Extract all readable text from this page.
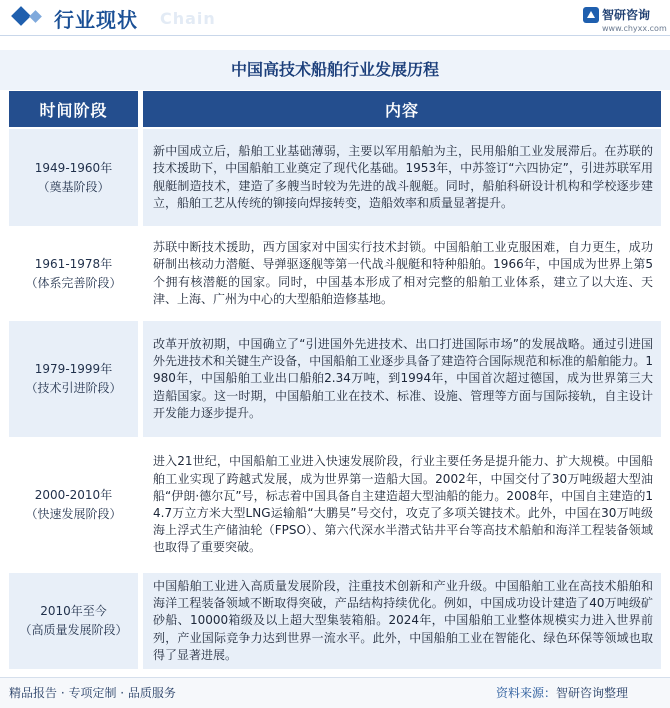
行业现状 Chain	智研咨询
www.chyxx.com
中国高技术船舶行业发展历程
时间阶段	内容
1949-1960年
（奠基阶段）
新中国成立后，船舶工业基础薄弱，主要以军用船舶为主，民用船舶工业发展滞后。在苏联的技术援助下，中国船舶工业奠定了现代化基础。1953年，中苏签订“六四协定”，引进苏联军用舰艇制造技术，建造了多艘当时较为先进的战斗舰艇。同时，船舶科研设计机构和学校逐步建立，船舶工艺从传统的铆接向焊接转变，造船效率和质量显著提升。
1961-1978年
（体系完善阶段）
苏联中断技术援助，西方国家对中国实行技术封锁。中国船舶工业克服困难，自力更生，成功研制出核动力潜艇、导弹驱逐舰等第一代战斗舰艇和特种船舶。1966年，中国成为世界上第5个拥有核潜艇的国家。同时，中国基本形成了相对完整的船舶工业体系，建立了以大连、天津、上海、广州为中心的大型船舶造修基地。
1979-1999年
（技术引进阶段）
改革开放初期，中国确立了“引进国外先进技术、出口打进国际市场”的发展战略。通过引进国外先进技术和关键生产设备，中国船舶工业逐步具备了建造符合国际规范和标准的船舶能力。1980年，中国船舶工业出口船舶2.34万吨，到1994年，中国首次超过德国，成为世界第三大造船国家。这一时期，中国船舶工业在技术、标准、设施、管理等方面与国际接轨，自主设计开发能力逐步提升。
2000-2010年
（快速发展阶段）
进入21世纪，中国船舶工业进入快速发展阶段，行业主要任务是提升能力、扩大规模。中国船舶工业实现了跨越式发展，成为世界第一造船大国。2002年，中国交付了30万吨级超大型油船“伊朗·德尔瓦”号，标志着中国具备自主建造超大型油船的能力。2008年，中国自主建造的14.7万立方米大型LNG运输船“大鹏昊”号交付，攻克了多项关键技术。此外，中国在30万吨级海上浮式生产储油轮（FPSO）、第六代深水半潜式钻井平台等高技术船舶和海洋工程装备领域也取得了重要突破。
2010年至今
（高质量发展阶段）
中国船舶工业进入高质量发展阶段，注重技术创新和产业升级。中国船舶工业在高技术船舶和海洋工程装备领域不断取得突破，产品结构持续优化。例如，中国成功设计建造了40万吨级矿砂船、10000箱级及以上超大型集装箱船。2024年，中国船舶工业整体规模实力进入世界前列，产业国际竞争力达到世界一流水平。此外，中国船舶工业在智能化、绿色环保等领域也取得了显著进展。
精品报告 · 专项定制 · 品质服务	资料来源：智研咨询整理
